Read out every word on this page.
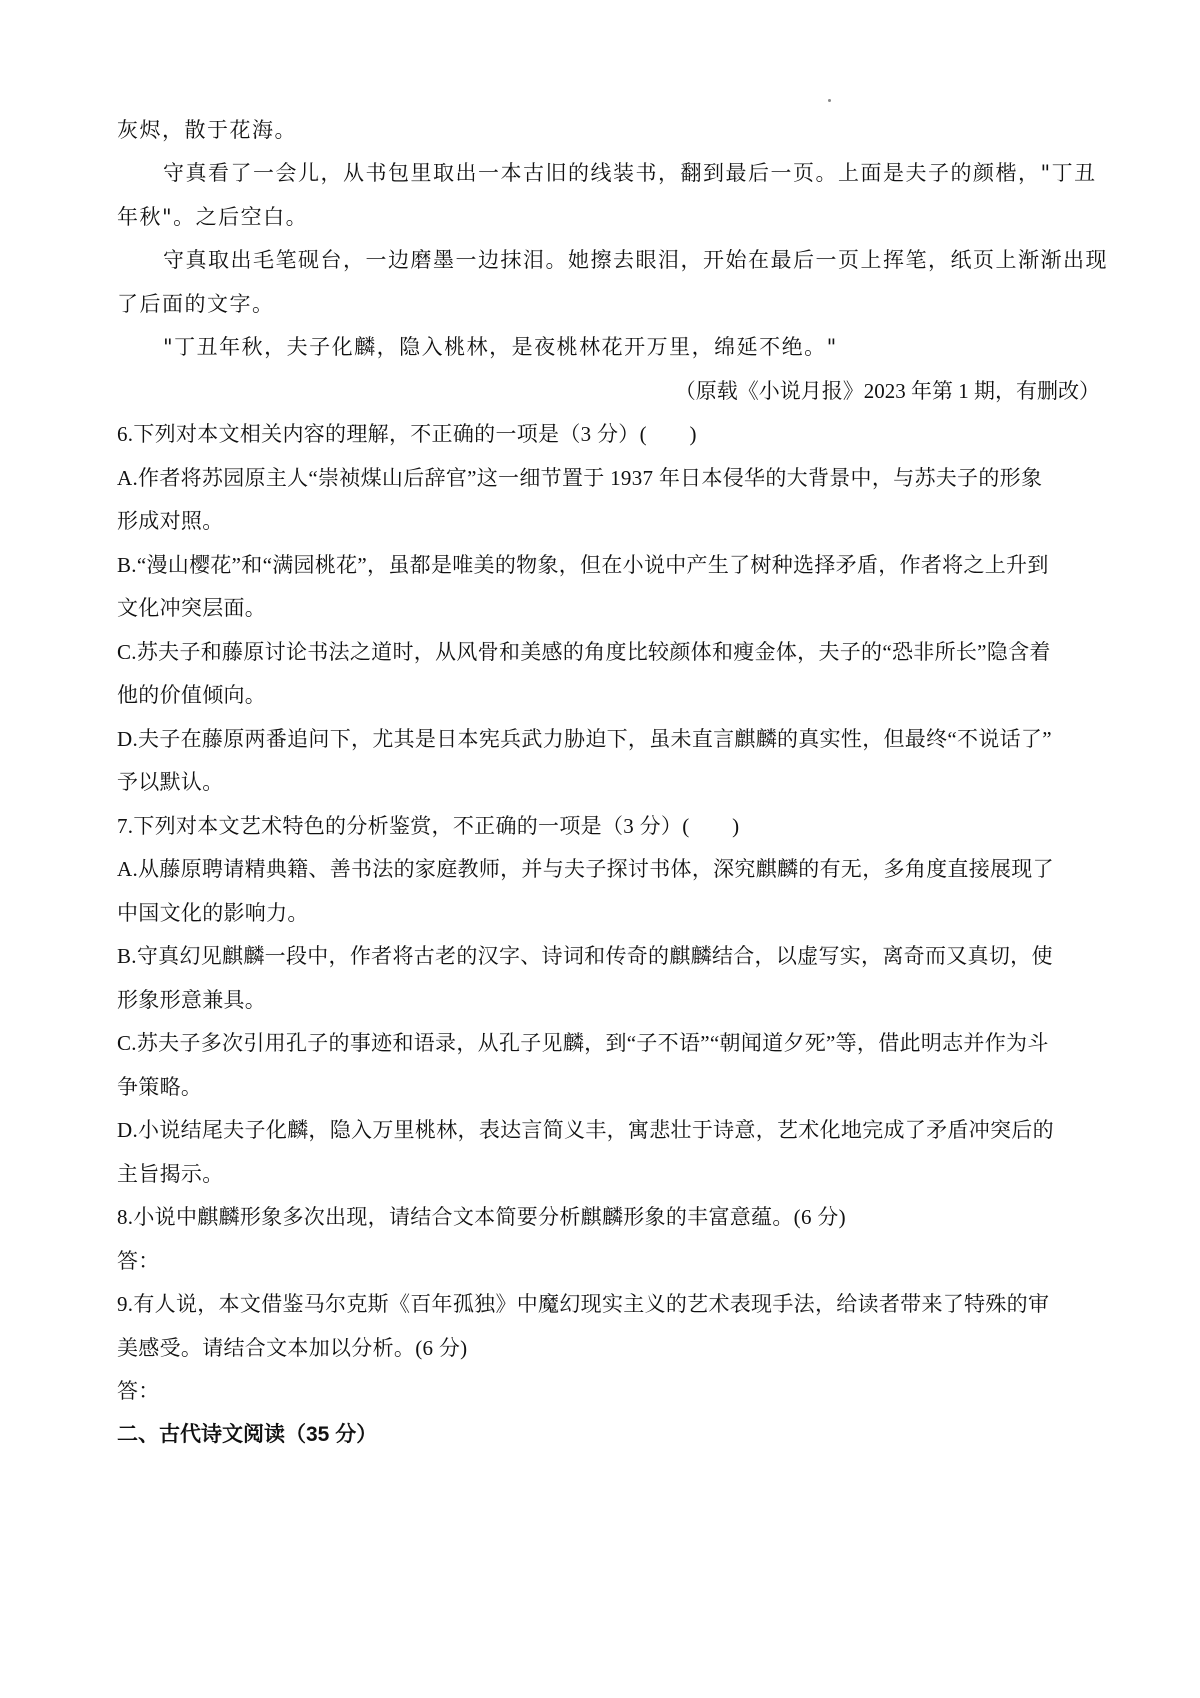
灰烬，散于花海。
守真看了一会儿，从书包里取出一本古旧的线装书，翻到最后一页。上面是夫子的颜楷，"丁丑
年秋"。之后空白。
守真取出毛笔砚台，一边磨墨一边抹泪。她擦去眼泪，开始在最后一页上挥笔，纸页上渐渐出现
了后面的文字。
"丁丑年秋，夫子化麟，隐入桃林，是夜桃林花开万里，绵延不绝。"
（原载《小说月报》2023 年第 1 期，有删改）
6.下列对本文相关内容的理解，不正确的一项是（3 分）(　　)
A.作者将苏园原主人“崇祯煤山后辞官”这一细节置于 1937 年日本侵华的大背景中，与苏夫子的形象
形成对照。
B.“漫山樱花”和“满园桃花”，虽都是唯美的物象，但在小说中产生了树种选择矛盾，作者将之上升到
文化冲突层面。
C.苏夫子和藤原讨论书法之道时，从风骨和美感的角度比较颜体和瘦金体，夫子的“恐非所长”隐含着
他的价值倾向。
D.夫子在藤原两番追问下，尤其是日本宪兵武力胁迫下，虽未直言麒麟的真实性，但最终“不说话了”
予以默认。
7.下列对本文艺术特色的分析鉴赏，不正确的一项是（3 分）(　　)
A.从藤原聘请精典籍、善书法的家庭教师，并与夫子探讨书体，深究麒麟的有无，多角度直接展现了
中国文化的影响力。
B.守真幻见麒麟一段中，作者将古老的汉字、诗词和传奇的麒麟结合，以虚写实，离奇而又真切，使
形象形意兼具。
C.苏夫子多次引用孔子的事迹和语录，从孔子见麟，到“子不语”“朝闻道夕死”等，借此明志并作为斗
争策略。
D.小说结尾夫子化麟，隐入万里桃林，表达言简义丰，寓悲壮于诗意，艺术化地完成了矛盾冲突后的
主旨揭示。
8.小说中麒麟形象多次出现，请结合文本简要分析麒麟形象的丰富意蕴。(6 分)
答：
9.有人说，本文借鉴马尔克斯《百年孤独》中魔幻现实主义的艺术表现手法，给读者带来了特殊的审
美感受。请结合文本加以分析。(6 分)
答：
二、古代诗文阅读（35 分）
